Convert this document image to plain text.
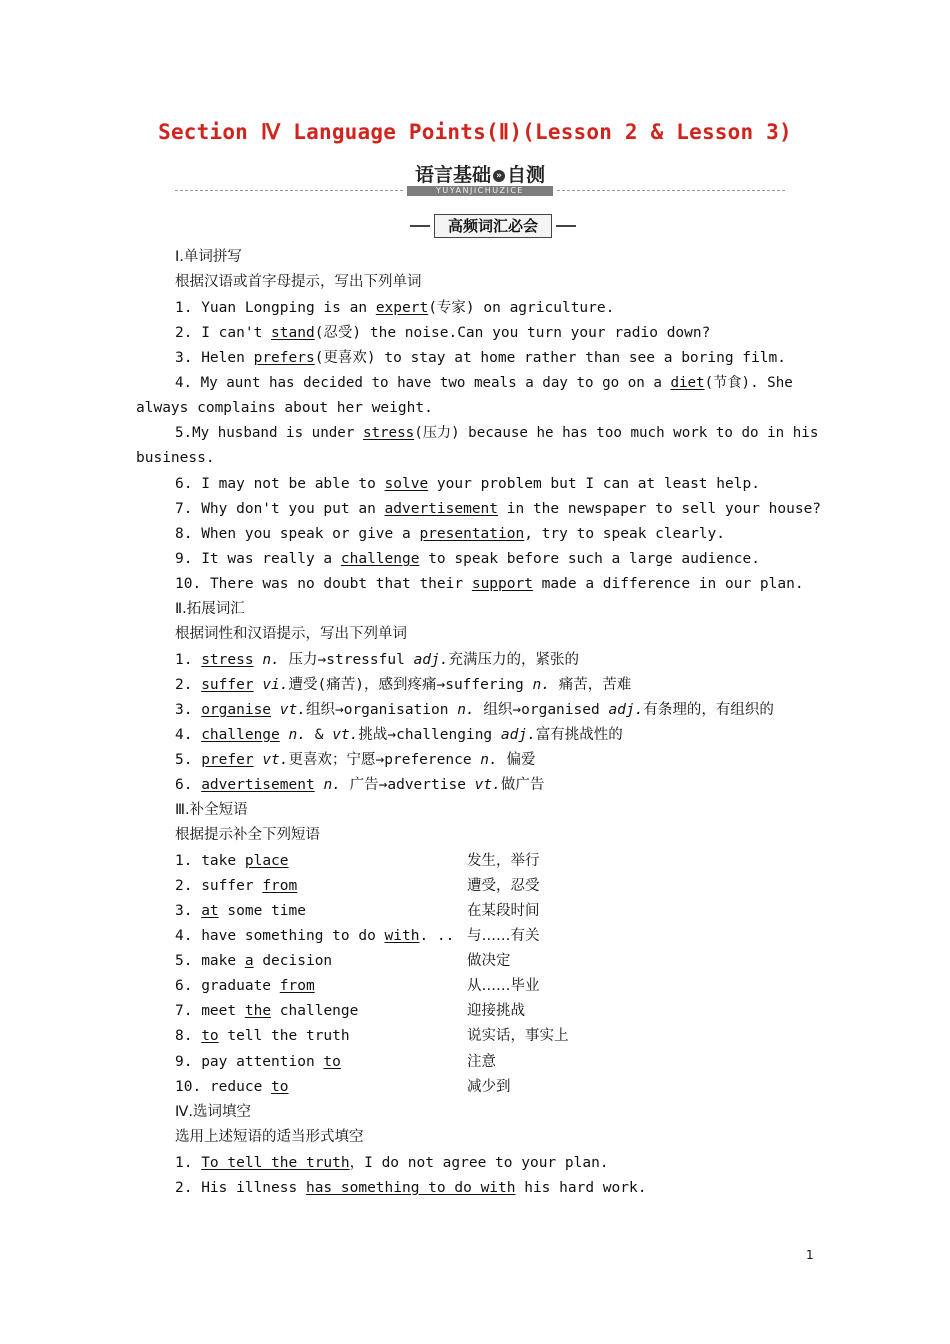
Section Ⅳ Language Points(Ⅱ)(Lesson 2 & Lesson 3)
语言基础 » 自测
YUYANJICHUZICE
高频词汇必会
Ⅰ.单词拼写
根据汉语或首字母提示，写出下列单词
1. Yuan Longping is an expert(专家) on agriculture.
2. I can't stand(忍受) the noise.Can you turn your radio down?
3. Helen prefers(更喜欢) to stay at home rather than see a boring film.
4. My aunt has decided to have two meals a day to go on a diet(节食). She
always complains about her weight.
5.My husband is under stress(压力) because he has too much work to do in his
business.
6. I may not be able to solve your problem but I can at least help.
7. Why don't you put an advertisement in the newspaper to sell your house?
8. When you speak or give a presentation, try to speak clearly.
9. It was really a challenge to speak before such a large audience.
10. There was no doubt that their support made a difference in our plan.
Ⅱ.拓展词汇
根据词性和汉语提示，写出下列单词
1. stress n. 压力→stressful adj.充满压力的，紧张的
2. suffer vi.遭受(痛苦)，感到疼痛→suffering n. 痛苦，苦难
3. organise vt.组织→organisation n. 组织→organised adj.有条理的，有组织的
4. challenge n. & vt.挑战→challenging adj.富有挑战性的
5. prefer vt.更喜欢；宁愿→preference n. 偏爱
6. advertisement n. 广告→advertise vt.做广告
Ⅲ.补全短语
根据提示补全下列短语
1. take place	发生，举行
2. suffer from	遭受，忍受
3. at some time	在某段时间
4. have something to do with. .. 与……有关
5. make a decision	做决定
6. graduate from	从……毕业
7. meet the challenge	迎接挑战
8. to tell the truth	说实话，事实上
9. pay attention to	注意
10. reduce to	减少到
Ⅳ.选词填空
选用上述短语的适当形式填空
1. To tell the truth，I do not agree to your plan.
2. His illness has something to do with his hard work.
1
